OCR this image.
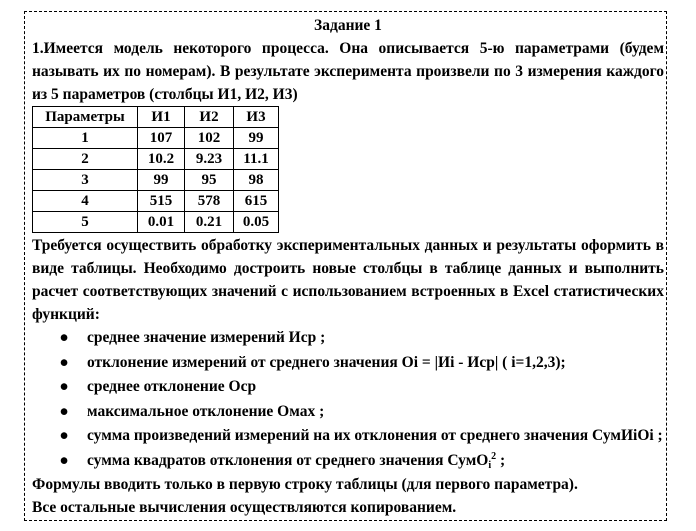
Задание 1

1.Имеется модель некоторого процесса. Она описывается 5-ю параметрами (будем называть их по номерам). В результате эксперимента произвели по 3 измерения каждого из 5 параметров (столбцы И1, И2, И3)

Параметры	И1	И2	И3
1	107	102	99
2	10.2	9.23	11.1
3	99	95	98
4	515	578	615
5	0.01	0.21	0.05

Требуется осуществить обработку экспериментальных данных и результаты оформить в виде таблицы. Необходимо достроить новые столбцы в таблице данных и выполнить расчет соответствующих значений с использованием встроенных в Excel статистических функций:

● среднее значение измерений Иср ;
● отклонение измерений от среднего значения Oi = |Иi - Иср| ( i=1,2,3);
● среднее отклонение Оср
● максимальное отклонение Омах ;
● сумма произведений измерений на их отклонения от среднего значения СумИiОi ;
● сумма квадратов отклонения от среднего значения СумО$_i^2$ ;

Формулы вводить только в первую строку таблицы (для первого параметра).

Все остальные вычисления осуществляются копированием.
